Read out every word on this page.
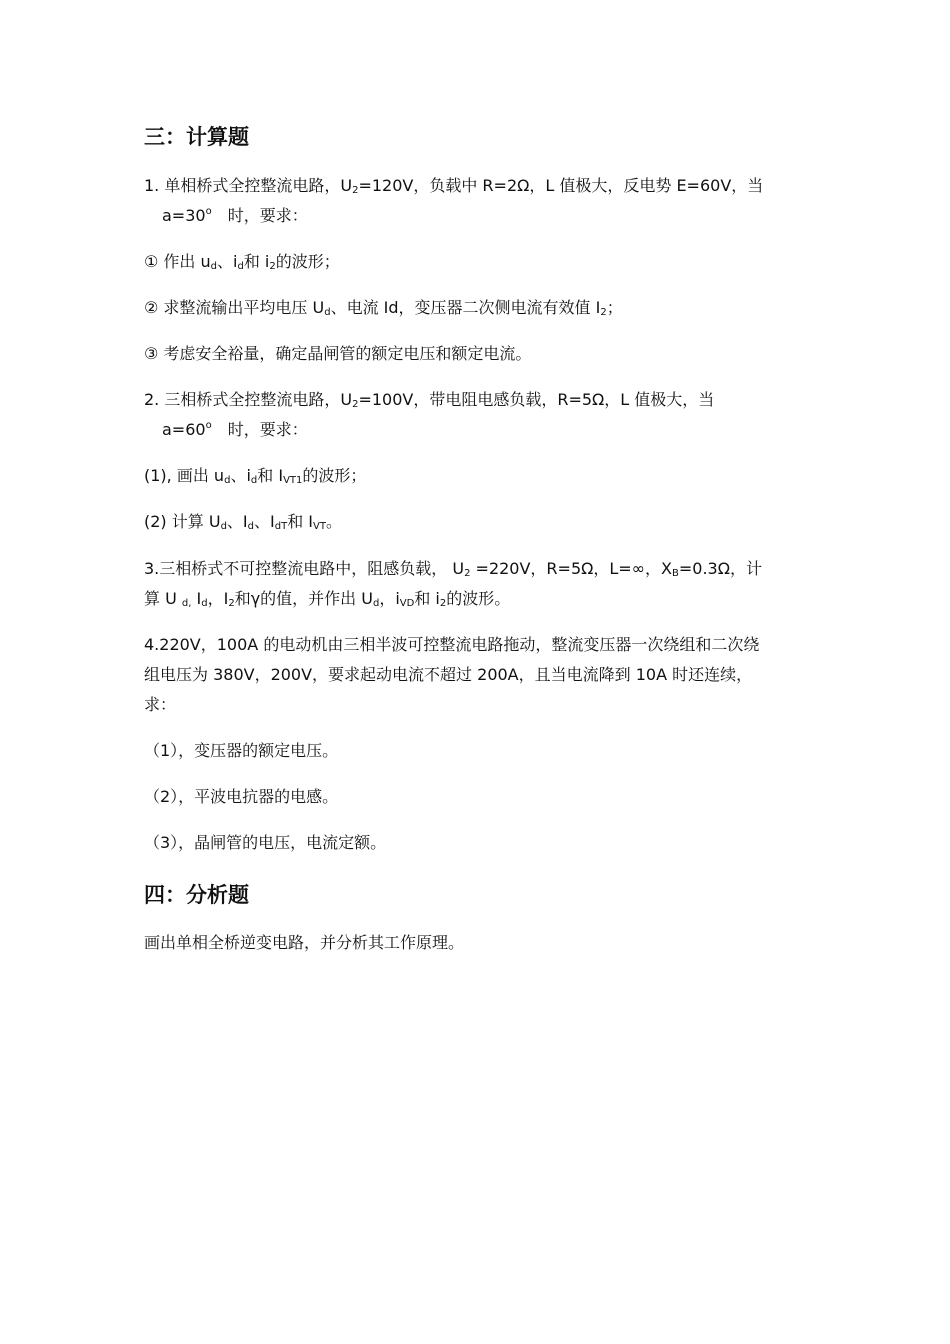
三：计算题

1. 单相桥式全控整流电路，$U_2=120V$，负载中 R=2Ω，L 值极大，反电势 E=60V，当

$a=30^o$　时，要求：

① 作出 $u_d$、$i_d$和 $i_2$的波形；

② 求整流输出平均电压 $U_d$、电流 Id，变压器二次侧电流有效值 $I_2$；

③ 考虑安全裕量，确定晶闸管的额定电压和额定电流。

2. 三相桥式全控整流电路，$U_2=100V$，带电阻电感负载，R=5Ω，L 值极大，当

$a=60^o$　时，要求：

(1), 画出 $u_d$、$i_d$和 $I_{VT1}$的波形；

(2) 计算 $U_d$、$I_d$、$I_{dT}$和 $I_{VT}$。

3.三相桥式不可控整流电路中，阻感负载， $U_2 =220V$，R=5Ω，L=∞，$X_B=0.3\Omega$，计

算 U $_{d,}$ $I_d$，$I_2$和γ的值，并作出 $U_d$，$i_{VD}$和 $i_2$的波形。

4.220V，100A 的电动机由三相半波可控整流电路拖动，整流变压器一次绕组和二次绕

组电压为 380V，200V，要求起动电流不超过 200A，且当电流降到 10A 时还连续，

求：

（1），变压器的额定电压。

（2），平波电抗器的电感。

（3），晶闸管的电压，电流定额。

四：分析题

画出单相全桥逆变电路，并分析其工作原理。
